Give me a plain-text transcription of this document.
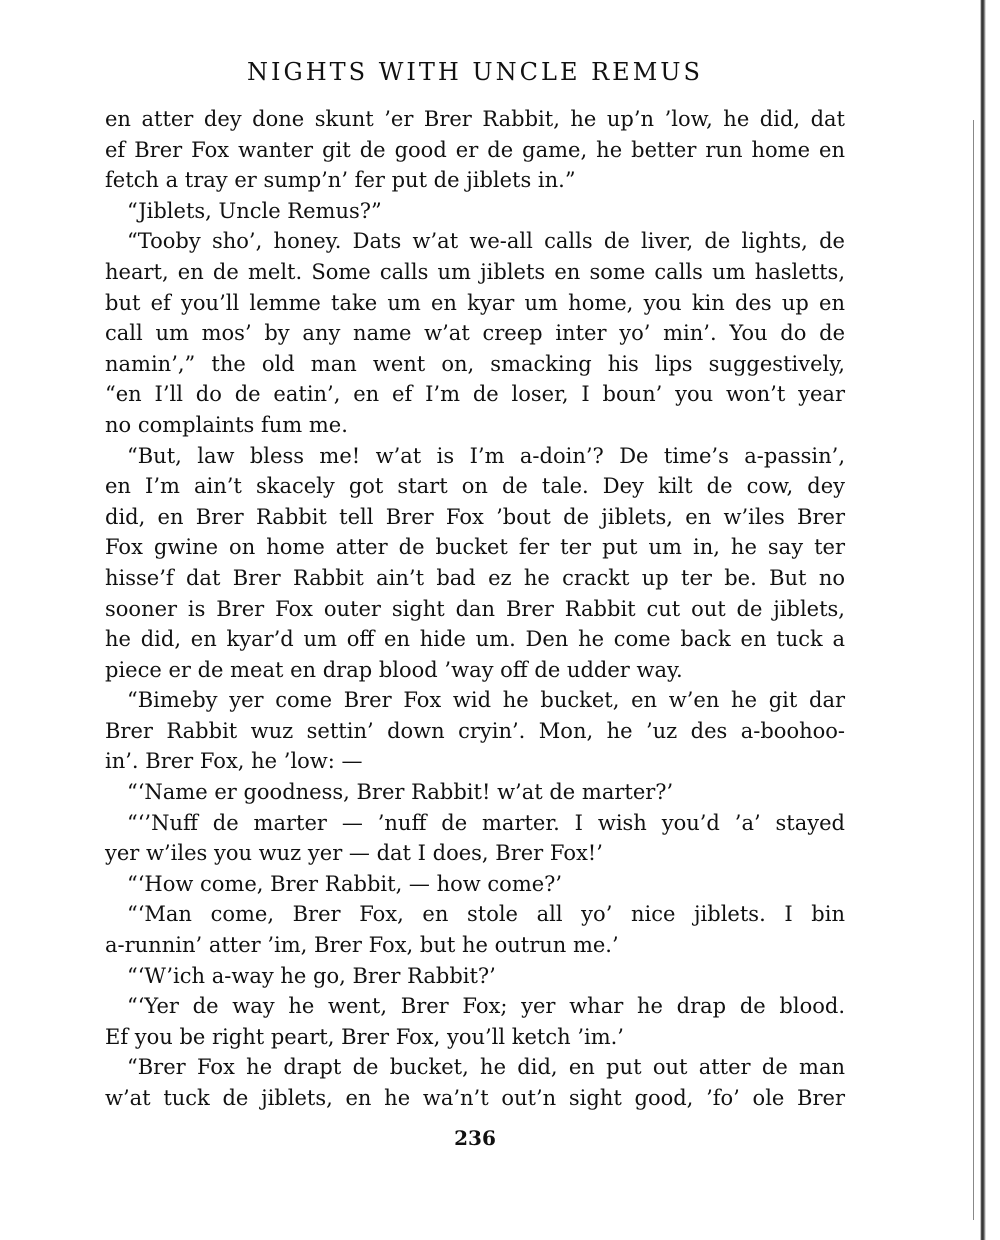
NIGHTS WITH UNCLE REMUS
en atter dey done skunt ’er Brer Rabbit, he up’n ’low, he did, dat
ef Brer Fox wanter git de good er de game, he better run home en
fetch a tray er sump’n’ fer put de jiblets in.”
“Jiblets, Uncle Remus?”
“Tooby sho’, honey. Dats w’at we-all calls de liver, de lights, de
heart, en de melt. Some calls um jiblets en some calls um hasletts,
but ef you’ll lemme take um en kyar um home, you kin des up en
call um mos’ by any name w’at creep inter yo’ min’. You do de
namin’,” the old man went on, smacking his lips suggestively,
“en I’ll do de eatin’, en ef I’m de loser, I boun’ you won’t year
no complaints fum me.
“But, law bless me! w’at is I’m a-doin’? De time’s a-passin’,
en I’m ain’t skacely got start on de tale. Dey kilt de cow, dey
did, en Brer Rabbit tell Brer Fox ’bout de jiblets, en w’iles Brer
Fox gwine on home atter de bucket fer ter put um in, he say ter
hisse’f dat Brer Rabbit ain’t bad ez he crackt up ter be. But no
sooner is Brer Fox outer sight dan Brer Rabbit cut out de jiblets,
he did, en kyar’d um off en hide um. Den he come back en tuck a
piece er de meat en drap blood ’way off de udder way.
“Bimeby yer come Brer Fox wid he bucket, en w’en he git dar
Brer Rabbit wuz settin’ down cryin’. Mon, he ’uz des a-boohoo-
in’. Brer Fox, he ’low: —
“‘Name er goodness, Brer Rabbit! w’at de marter?’
“‘’Nuff de marter — ’nuff de marter. I wish you’d ’a’ stayed
yer w’iles you wuz yer — dat I does, Brer Fox!’
“‘How come, Brer Rabbit, — how come?’
“‘Man come, Brer Fox, en stole all yo’ nice jiblets. I bin
a-runnin’ atter ’im, Brer Fox, but he outrun me.’
“‘W’ich a-way he go, Brer Rabbit?’
“‘Yer de way he went, Brer Fox; yer whar he drap de blood.
Ef you be right peart, Brer Fox, you’ll ketch ’im.’
“Brer Fox he drapt de bucket, he did, en put out atter de man
w’at tuck de jiblets, en he wa’n’t out’n sight good, ’fo’ ole Brer
236
